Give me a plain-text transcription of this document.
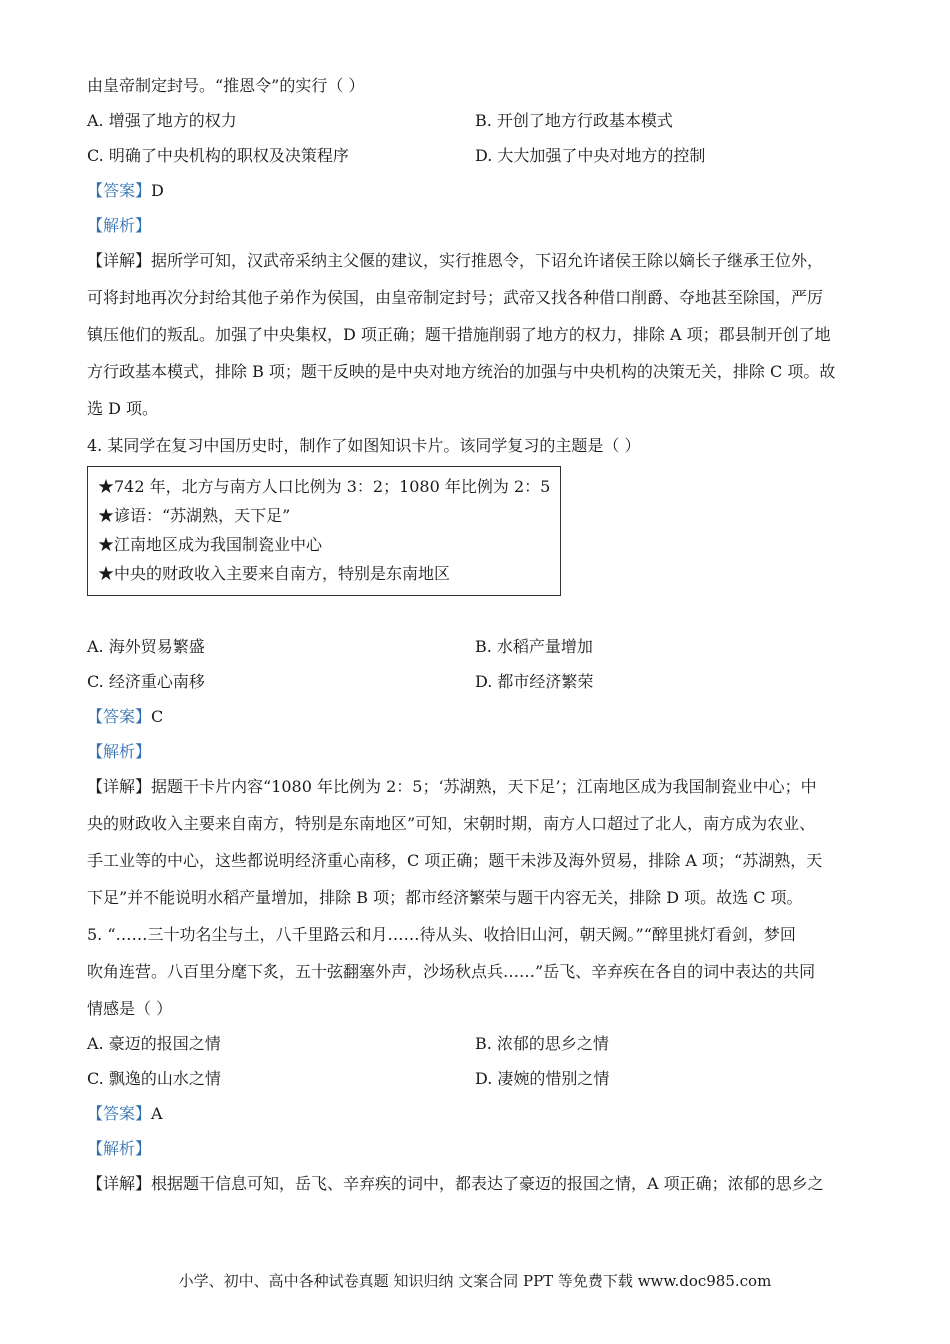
由皇帝制定封号。“推恩令”的实行（ ）
A. 增强了地方的权力	B. 开创了地方行政基本模式
C. 明确了中央机构的职权及决策程序	D. 大大加强了中央对地方的控制
【答案】D
【解析】
【详解】据所学可知，汉武帝采纳主父偃的建议，实行推恩令，下诏允许诸侯王除以嫡长子继承王位外，
可将封地再次分封给其他子弟作为侯国，由皇帝制定封号；武帝又找各种借口削爵、夺地甚至除国，严厉
镇压他们的叛乱。加强了中央集权，D 项正确；题干措施削弱了地方的权力，排除 A 项；郡县制开创了地
方行政基本模式，排除 B 项；题干反映的是中央对地方统治的加强与中央机构的决策无关，排除 C 项。故
选 D 项。
4. 某同学在复习中国历史时，制作了如图知识卡片。该同学复习的主题是（ ）
★742 年，北方与南方人口比例为 3：2；1080 年比例为 2：5
★谚语：“苏湖熟，天下足”
★江南地区成为我国制瓷业中心
★中央的财政收入主要来自南方，特别是东南地区
A. 海外贸易繁盛	B. 水稻产量增加
C. 经济重心南移	D. 都市经济繁荣
【答案】C
【解析】
【详解】据题干卡片内容“1080 年比例为 2：5；‘苏湖熟，天下足’；江南地区成为我国制瓷业中心；中
央的财政收入主要来自南方，特别是东南地区”可知，宋朝时期，南方人口超过了北人，南方成为农业、
手工业等的中心，这些都说明经济重心南移，C 项正确；题干未涉及海外贸易，排除 A 项；“苏湖熟，天
下足”并不能说明水稻产量增加，排除 B 项；都市经济繁荣与题干内容无关，排除 D 项。故选 C 项。
5. “……三十功名尘与土，八千里路云和月……待从头、收拾旧山河，朝天阙。”“醉里挑灯看剑，梦回
吹角连营。八百里分麾下炙，五十弦翻塞外声，沙场秋点兵……”岳飞、辛弃疾在各自的词中表达的共同
情感是（ ）
A. 豪迈的报国之情	B. 浓郁的思乡之情
C. 飘逸的山水之情	D. 凄婉的惜别之情
【答案】A
【解析】
【详解】根据题干信息可知，岳飞、辛弃疾的词中，都表达了豪迈的报国之情，A 项正确；浓郁的思乡之
小学、初中、高中各种试卷真题 知识归纳 文案合同 PPT 等免费下载 www.doc985.com
